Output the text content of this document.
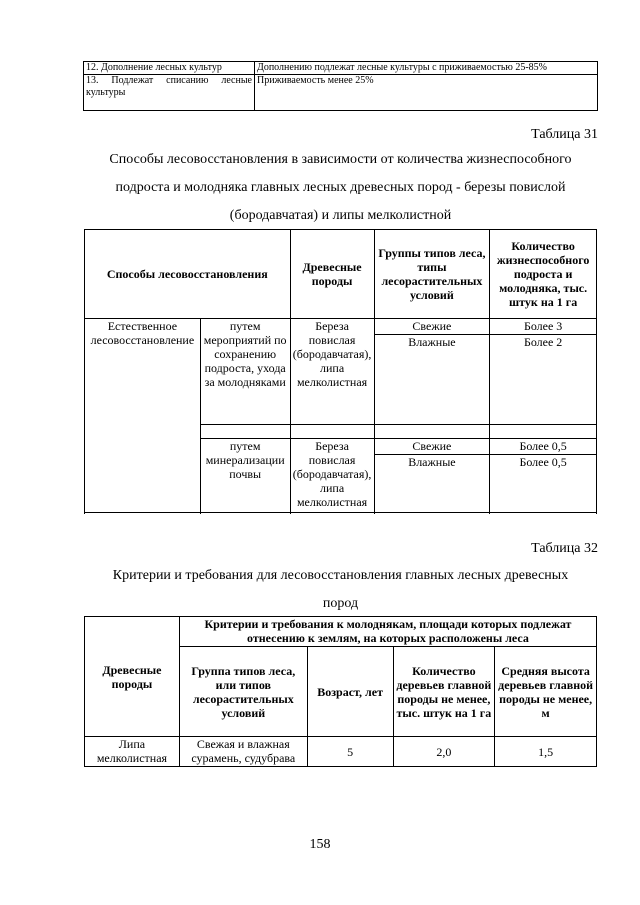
12. Дополнение лесных культур	Дополнению подлежат лесные культуры с приживаемостью 25-85%
13. Подлежат списанию лесные культуры	Приживаемость менее 25%
Таблица 31
Способы лесовосстановления в зависимости от количества жизнеспособного
подроста и молодняка главных лесных древесных пород - березы повислой
(бородавчатая) и липы мелколистной
Способы лесовосстановления		Древесные породы	Группы типов леса, типы лесорастительных условий	Количество жизнеспособного подроста и молодняка, тыс. штук на 1 га
Естественное лесовосстановление	путем мероприятий по сохранению подроста, ухода за молодняками	Береза повислая (бородавчатая), липа мелколистная	Свежие	Более 3
			Влажные	Более 2

	путем минерализации почвы	Береза повислая (бородавчатая), липа мелколистная	Свежие	Более 0,5
			Влажные	Более 0,5

Таблица 32
Критерии и требования для лесовосстановления главных лесных древесных
пород
Древесные породы	Критерии и требования к молоднякам, площади которых подлежат отнесению к землям, на которых расположены леса			
	Группа типов леса, или типов лесорастительных условий	Возраст, лет	Количество деревьев главной породы не менее, тыс. штук на 1 га	Средняя высота деревьев главной породы не менее, м
Липа мелколистная	Свежая и влажная сурамень, судубрава	5	2,0	1,5
158
